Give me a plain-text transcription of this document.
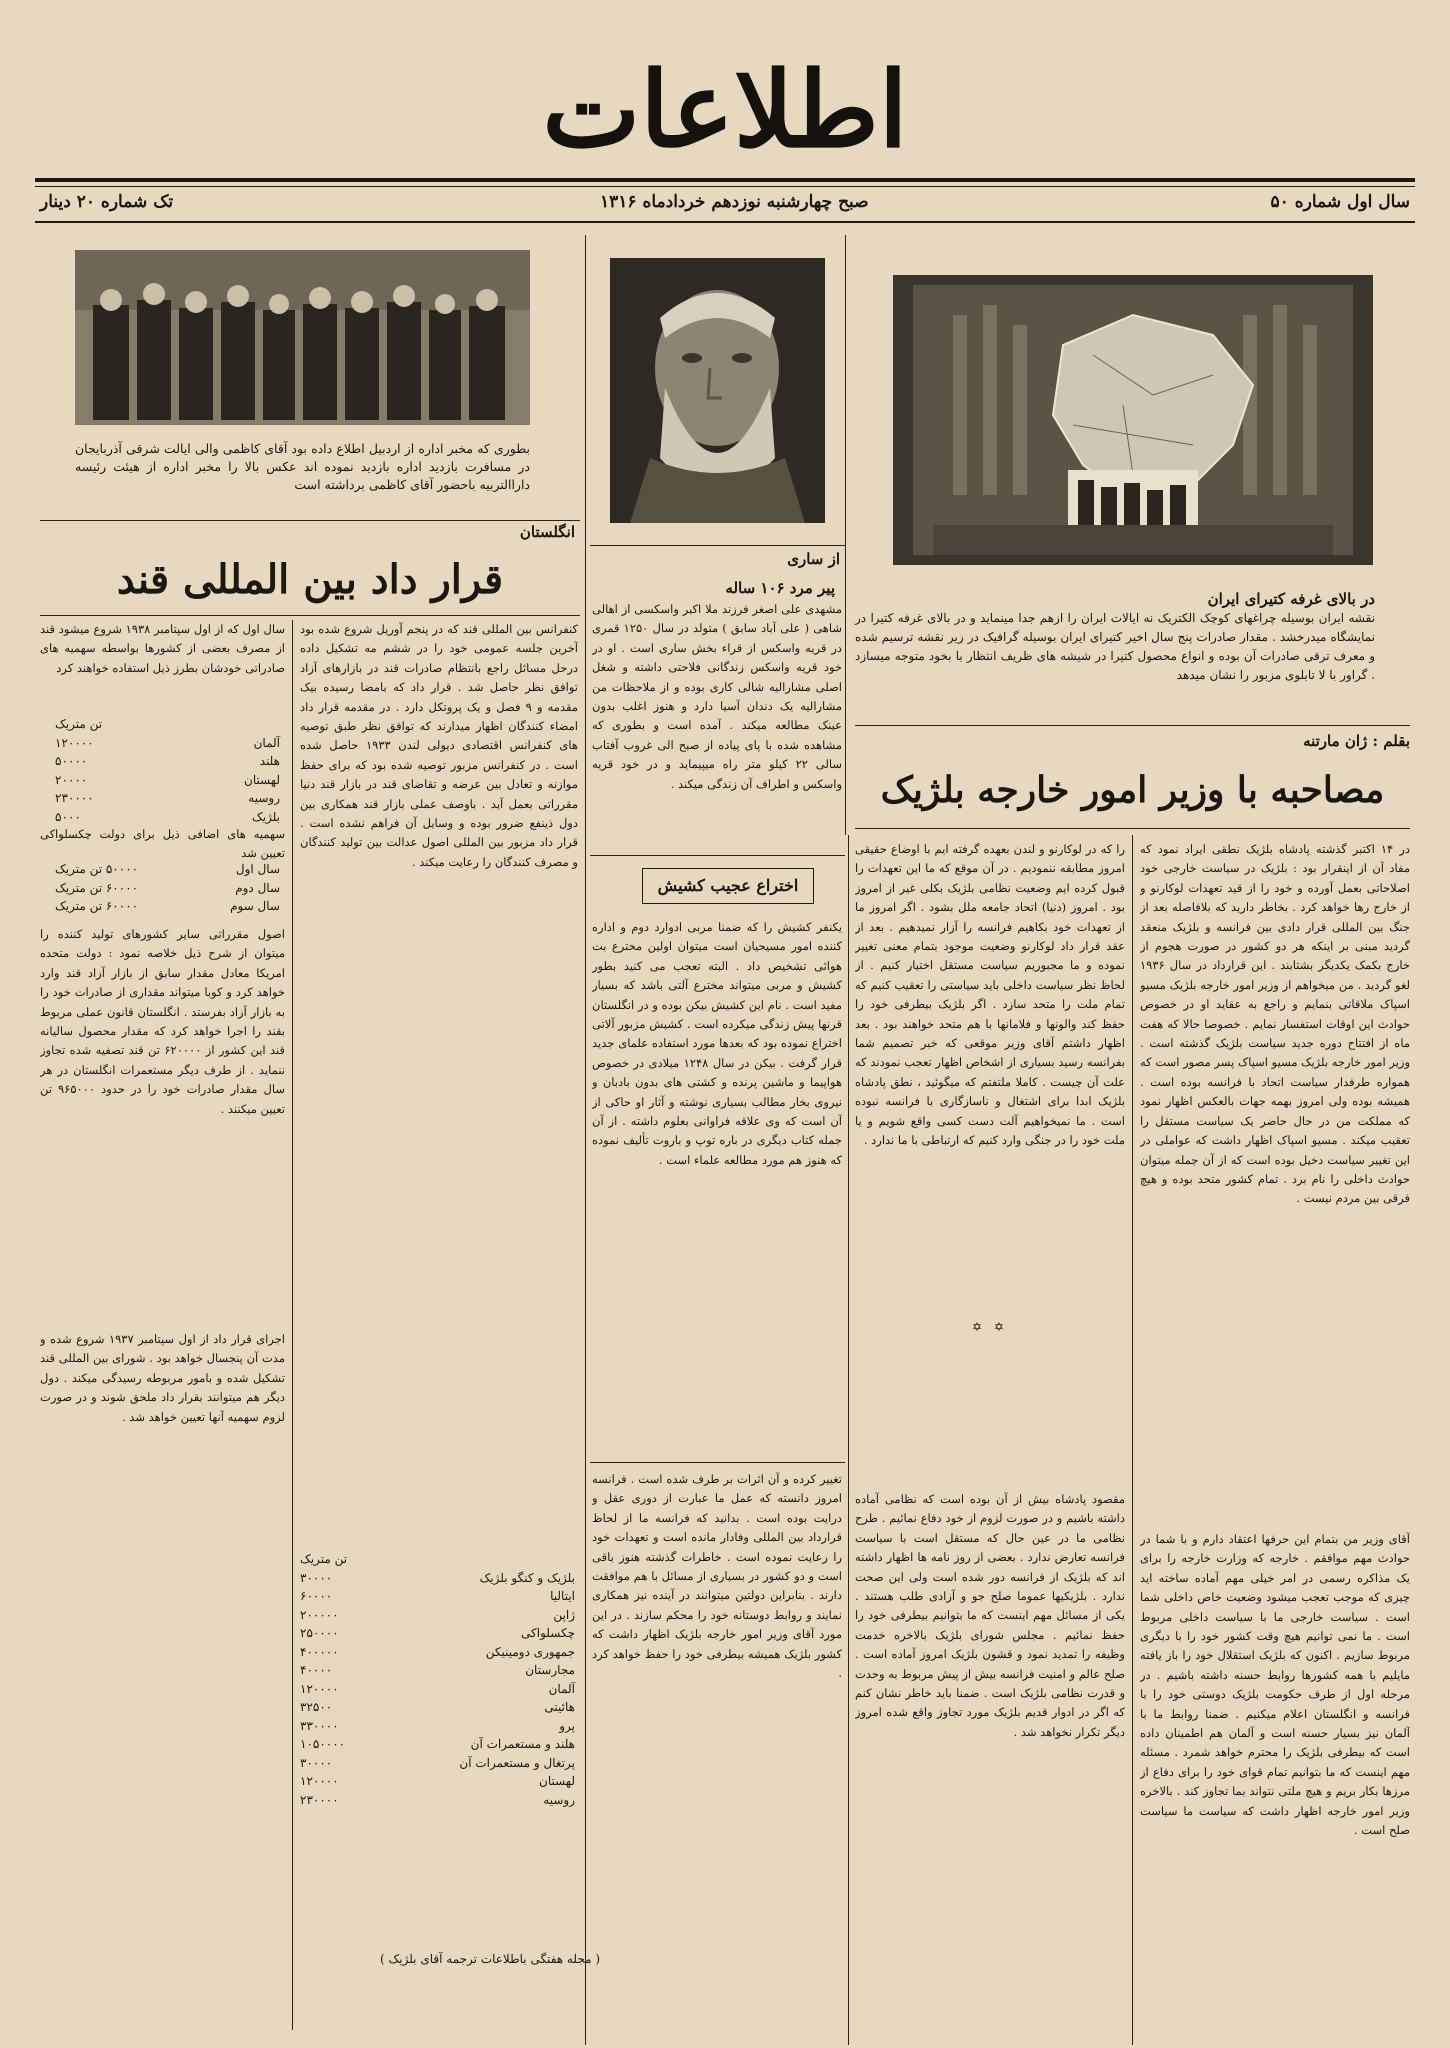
اطلاعات
سال اول شماره ۵۰
صبح چهارشنبه نوزدهم خردادماه ۱۳۱۶
تک شماره ۲۰ دینار
در بالای غرفه کتیرای ایران
نقشه ایران بوسیله چراغهای کوچک الکتریک نه ایالات ایران را ازهم جدا مینماید و در بالای غرفه کتیرا در نمایشگاه میدرخشد . مقدار صادرات پنج سال اخیر کتیرای ایران بوسیله گرافیک در زیر نقشه ترسیم شده و معرف ترقی صادرات آن بوده و انواع محصول کتیرا در شیشه های ظریف انتظار با بخود متوجه میسازد . گراور با لا تابلوی مزبور را نشان میدهد
از ساری
بطوری که مخبر اداره از اردبیل اطلاع داده بود آقای کاظمی والی ایالت شرقی آذربایجان در مسافرت بازدید اداره بازدید نموده اند عکس بالا را مخبر اداره از هیئت رئیسه داراالتربیه باحضور آقای کاظمی برداشته است
انگلستان
قرار داد بین المللی قند

کنفرانس بین المللی قند که در پنجم آوریل شروع شده بود آخرین جلسه عمومی خود را در ششم مه تشکیل داده درحل مسائل راجع بانتظام صادرات قند در بازارهای آزاد توافق نظر حاصل شد . قرار داد که بامضا رسیده بیک مقدمه و ۹ فصل و یک پروتکل دارد . در مقدمه قرار داد امضاء کنندگان اظهار میدارند که توافق نظر طبق توصیه های کنفرانس اقتصادی دیولی لندن ۱۹۳۳ حاصل شده است . در کنفرانس مزبور توصیه شده بود که برای حفظ موازنه و تعادل بین عرضه و تقاضای قند در بازار قند دنیا مقرراتی بعمل آید . باوصف عملی بازار قند همکاری بین دول ذینفع ضرور بوده و وسایل آن فراهم نشده است . قرار داد مزبور بین المللی اصول عدالت بین تولید کنندگان و مصرف کنندگان را رعایت میکند .

سال اول که از اول سپتامبر ۱۹۳۸ شروع میشود قند از مصرف بعضی از کشورها بواسطه سهمیه های صادراتی خودشان بطرز ذیل استفاده خواهند کرد

تن متریک
آلمان
۱۲۰۰۰۰
هلند
۵۰۰۰۰
لهستان
۲۰۰۰۰
روسیه
۲۳۰۰۰۰
بلژیک
۵۰۰۰

سهمیه های اضافی ذیل برای دولت چکسلواکی تعیین شد

سال اول
۵۰۰۰۰ تن متریک
سال دوم
۶۰۰۰۰ تن متریک
سال سوم
۶۰۰۰۰ تن متریک

اصول مقرراتی سایر کشورهای تولید کننده را میتوان از شرح ذیل خلاصه نمود : دولت متحده امریکا معادل مقدار سابق از بازار آزاد قند وارد خواهد کرد و کوبا میتواند مقداری از صادرات خود را به بازار آزاد بفرستد . انگلستان قانون عملی مربوط بقند را اجرا خواهد کرد که مقدار محصول سالیانه قند این کشور از ۶۲۰۰۰۰ تن قند تصفیه شده تجاوز ننماید . از طرف دیگر مستعمرات انگلستان در هر سال مقدار صادرات خود را در حدود ۹۶۵۰۰۰ تن تعیین میکنند .

تن متریک
بلژیک و کنگو بلژیک
۳۰۰۰۰
ایتالیا
۶۰۰۰۰
ژاپن
۲۰۰۰۰۰
چکسلواکی
۲۵۰۰۰۰
جمهوری دومینیکن
۴۰۰۰۰۰
مجارستان
۴۰۰۰۰
آلمان
۱۲۰۰۰۰
هائیتی
۳۲۵۰۰
پرو
۳۳۰۰۰۰
هلند و مستعمرات آن
۱۰۵۰۰۰۰
پرتغال و مستعمرات آن
۳۰۰۰۰
لهستان
۱۲۰۰۰۰
روسیه
۲۳۰۰۰۰

اجرای قرار داد از اول سپتامبر ۱۹۳۷ شروع شده و مدت آن پنجسال خواهد بود . شورای بین المللی قند تشکیل شده و بامور مربوطه رسیدگی میکند . دول دیگر هم میتوانند بقرار داد ملحق شوند و در صورت لزوم سهمیه آنها تعیین خواهد شد .

( مجله هفتگی باطلاعات ترجمه آقای بلژیک )
پیر مرد ۱۰۶ ساله
مشهدی علی اصغر فرزند ملا اکبر واسکسی از اهالی شاهی ( علی آباد سابق ) متولد در سال ۱۲۵۰ قمری در قریه واسکس از قراء بخش ساری است . او در خود قریه واسکس زندگانی فلاحتی داشته و شغل اصلی مشارالیه شالی کاری بوده و از ملاحظات من مشارالیه یک دندان آسیا دارد و هنوز اغلب بدون عینک مطالعه میکند . آمده است و بطوری که مشاهده شده با پای پیاده از صبح الی غروب آفتاب سالی ۲۲ کیلو متر راه میپیماید و در خود قریه واسکس و اطراف آن زندگی میکند .
اختراع عجیب کشیش
یکنفر کشیش را که ضمنا مربی ادوارد دوم و اداره کننده امور مسیحیان است میتوان اولین مخترع بت هوائی تشخیص داد . البته تعجب می کنید بطور کشیش و مربی میتواند مخترع آلتی باشد که بسیار مفید است . نام این کشیش بیکن بوده و در انگلستان قرنها پیش زندگی میکرده است . کشیش مزبور آلاتی اختراع نموده بود که بعدها مورد استفاده علمای جدید قرار گرفت . بیکن در سال ۱۲۴۸ میلادی در خصوص هواپیما و ماشین پرنده و کشتی های بدون بادبان و نیروی بخار مطالب بسیاری نوشته و آثار او حاکی از آن است که وی علاقه فراوانی بعلوم داشته . از آن جمله کتاب دیگری در باره توپ و باروت تألیف نموده که هنوز هم مورد مطالعه علماء است .
تغییر کرده و آن اثرات بر طرف شده است . فرانسه امروز دانسته که عمل ما عبارت از دوری عقل و درایت بوده است . بدانید که فرانسه ما از لحاظ قرارداد بین المللی وفادار مانده است و تعهدات خود را رعایت نموده است . خاطرات گذشته هنوز باقی است و دو کشور در بسیاری از مسائل با هم موافقت دارند . بنابراین دولتین میتوانند در آینده نیز همکاری نمایند و روابط دوستانه خود را محکم سازند . در این مورد آقای وزیر امور خارجه بلژیک اظهار داشت که کشور بلژیک همیشه بیطرفی خود را حفظ خواهد کرد .
بقلم : ژان مارتنه
مصاحبه با وزیر امور خارجه بلژیک
در ۱۴ اکتبر گذشته پادشاه بلژیک نطقی ایراد نمود که مفاد آن از اینقرار بود : بلژیک در سیاست خارجی خود اصلاحاتی بعمل آورده و خود را از قید تعهدات لوکارنو و از خارج رها خواهد کرد . بخاطر دارید که بلافاصله بعد از جنگ بین المللی قرار دادی بین فرانسه و بلژیک منعقد گردید مبنی بر اینکه هر دو کشور در صورت هجوم از خارج بکمک یکدیگر بشتابند . این قرارداد در سال ۱۹۳۶ لغو گردید . من میخواهم از وزیر امور خارجه بلژیک مسیو اسپاک ملاقاتی بنمایم و راجع به عقاید او در خصوص حوادث این اوقات استفسار نمایم . خصوصا حالا که هفت ماه از افتتاح دوره جدید سیاست بلژیک گذشته است . وزیر امور خارجه بلژیک مسیو اسپاک پسر مصور است که همواره طرفدار سیاست اتحاد با فرانسه بوده است . همیشه بوده ولی امروز بهمه جهات بالعکس اظهار نمود که مملکت من در حال حاضر یک سیاست مستقل را تعقیب میکند . مسیو اسپاک اظهار داشت که عواملی در این تغییر سیاست دخیل بوده است که از آن جمله میتوان حوادث داخلی را نام برد . تمام کشور متحد بوده و هیچ فرقی بین مردم نیست .
را که در لوکارنو و لندن بعهده گرفته ایم با اوضاع حقیقی امروز مطابقه ننمودیم . در آن موقع که ما این تعهدات را قبول کرده ایم وضعیت نظامی بلژیک بکلی غیر از امروز بود . امروز (دنیا) اتحاد جامعه ملل بشود . اگر امروز ما از تعهدات خود بکاهیم فرانسه را آزار نمیدهیم . بعد از عقد قرار داد لوکارنو وضعیت موجود بتمام معنی تغییر نموده و ما مجبوریم سیاست مستقل اختیار کنیم . از لحاظ نظر سیاست داخلی باید سیاستی را تعقیب کنیم که تمام ملت را متحد سازد . اگر بلژیک بیطرفی خود را حفظ کند والونها و فلامانها با هم متحد خواهند بود . بعد اظهار داشتم آقای وزیر موقعی که خبر تصمیم شما بفرانسه رسید بسیاری از اشخاص اظهار تعجب نمودند که علت آن چیست . کاملا ملتفتم که میگوئید ، نطق پادشاه بلژیک ابدا برای اشتغال و ناسازگاری با فرانسه نبوده است . ما نمیخواهیم آلت دست کسی واقع شویم و یا ملت خود را در جنگی وارد کنیم که ارتباطی با ما ندارد .
✡ ✡
مقصود پادشاه بیش از آن بوده است که نظامی آماده داشته باشیم و در صورت لزوم از خود دفاع نمائیم . طرح نظامی ما در عین حال که مستقل است با سیاست فرانسه تعارض ندارد . بعضی از روز نامه ها اظهار داشته اند که بلژیک از فرانسه دور شده است ولی این صحت ندارد . بلژیکیها عموما صلح جو و آزادی طلب هستند . یکی از مسائل مهم اینست که ما بتوانیم بیطرفی خود را حفظ نمائیم . مجلس شورای بلژیک بالاخره خدمت وظیفه را تمدید نمود و قشون بلژیک امروز آماده است . صلح عالم و امنیت فرانسه بیش از پیش مربوط به وحدت و قدرت نظامی بلژیک است . ضمنا باید خاطر نشان کنم که اگر در ادوار قدیم بلژیک مورد تجاوز واقع شده امروز دیگر تکرار نخواهد شد .
آقای وزیر من بتمام این حرفها اعتقاد دارم و با شما در حوادث مهم موافقم . خارجه که وزارت خارجه را برای یک مذاکره رسمی در امر خیلی مهم آماده ساخته اید چیزی که موجب تعجب میشود وضعیت خاص داخلی شما است . سیاست خارجی ما با سیاست داخلی مربوط است . ما نمی توانیم هیچ وقت کشور خود را با دیگری مربوط سازیم . اکنون که بلژیک استقلال خود را باز یافته مایلیم با همه کشورها روابط حسنه داشته باشیم . در مرحله اول از طرف حکومت بلژیک دوستی خود را با فرانسه و انگلستان اعلام میکنیم . ضمنا روابط ما با آلمان نیز بسیار حسنه است و آلمان هم اطمینان داده است که بیطرفی بلژیک را محترم خواهد شمرد . مسئله مهم اینست که ما بتوانیم تمام قوای خود را برای دفاع از مرزها بکار بریم و هیچ ملتی نتواند بما تجاوز کند . بالاخره وزیر امور خارجه اظهار داشت که سیاست ما سیاست صلح است .
